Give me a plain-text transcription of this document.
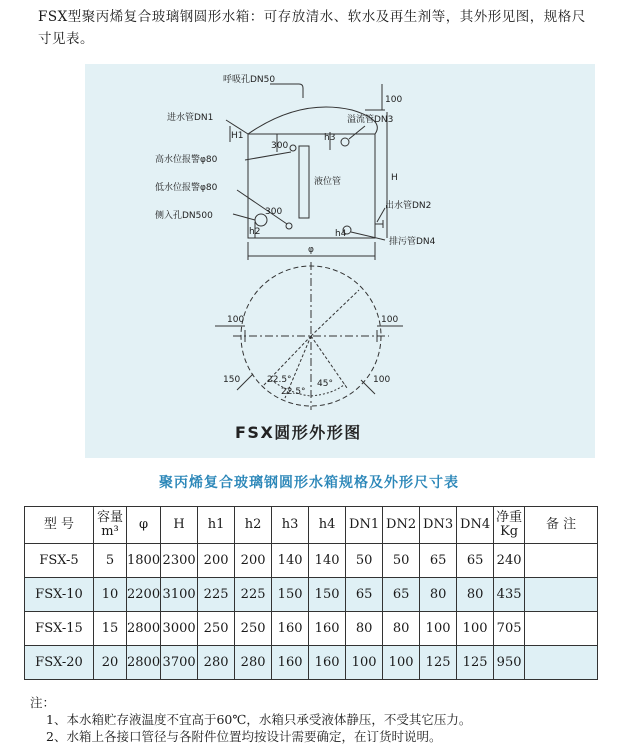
FSX型聚丙烯复合玻璃钢圆形水箱：可存放清水、软水及再生剂等，其外形见图，规格尺寸见表。
呼吸孔DN50
进水管DN1
高水位报警φ80
低水位报警φ80
侧入孔DN500
溢流管DN3
液位管
出水管DN2
排污管DN4
100
H1
300
H
h3
h4
h2
300
φ
100	100
150	100
22.5°
22.5°
45°
FSX圆形外形图
聚丙烯复合玻璃钢圆形水箱规格及外形尺寸表
型 号	容量m³	φ	H	h1	h2	h3	h4	DN1	DN2	DN3	DN4	净重Kg	备 注
FSX-5	5	1800	2300	200	200	140	140	50	50	65	65	240	
FSX-10	10	2200	3100	225	225	150	150	65	65	80	80	435	
FSX-15	15	2800	3000	250	250	160	160	80	80	100	100	705	
FSX-20	20	2800	3700	280	280	160	160	100	100	125	125	950	
注：
1、本水箱贮存液温度不宜高于60℃，水箱只承受液体静压，不受其它压力。
2、水箱上各接口管径与各附件位置均按设计需要确定，在订货时说明。
